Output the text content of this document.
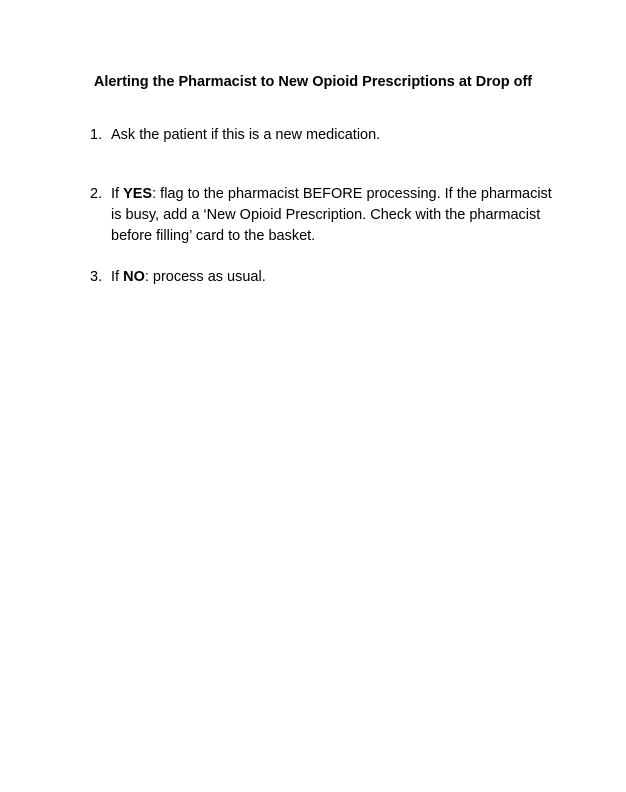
Alerting the Pharmacist to New Opioid Prescriptions at Drop off
1. Ask the patient if this is a new medication.
2. If YES: flag to the pharmacist BEFORE processing. If the pharmacist
is busy, add a ‘New Opioid Prescription. Check with the pharmacist
before filling’ card to the basket.
3. If NO: process as usual.
